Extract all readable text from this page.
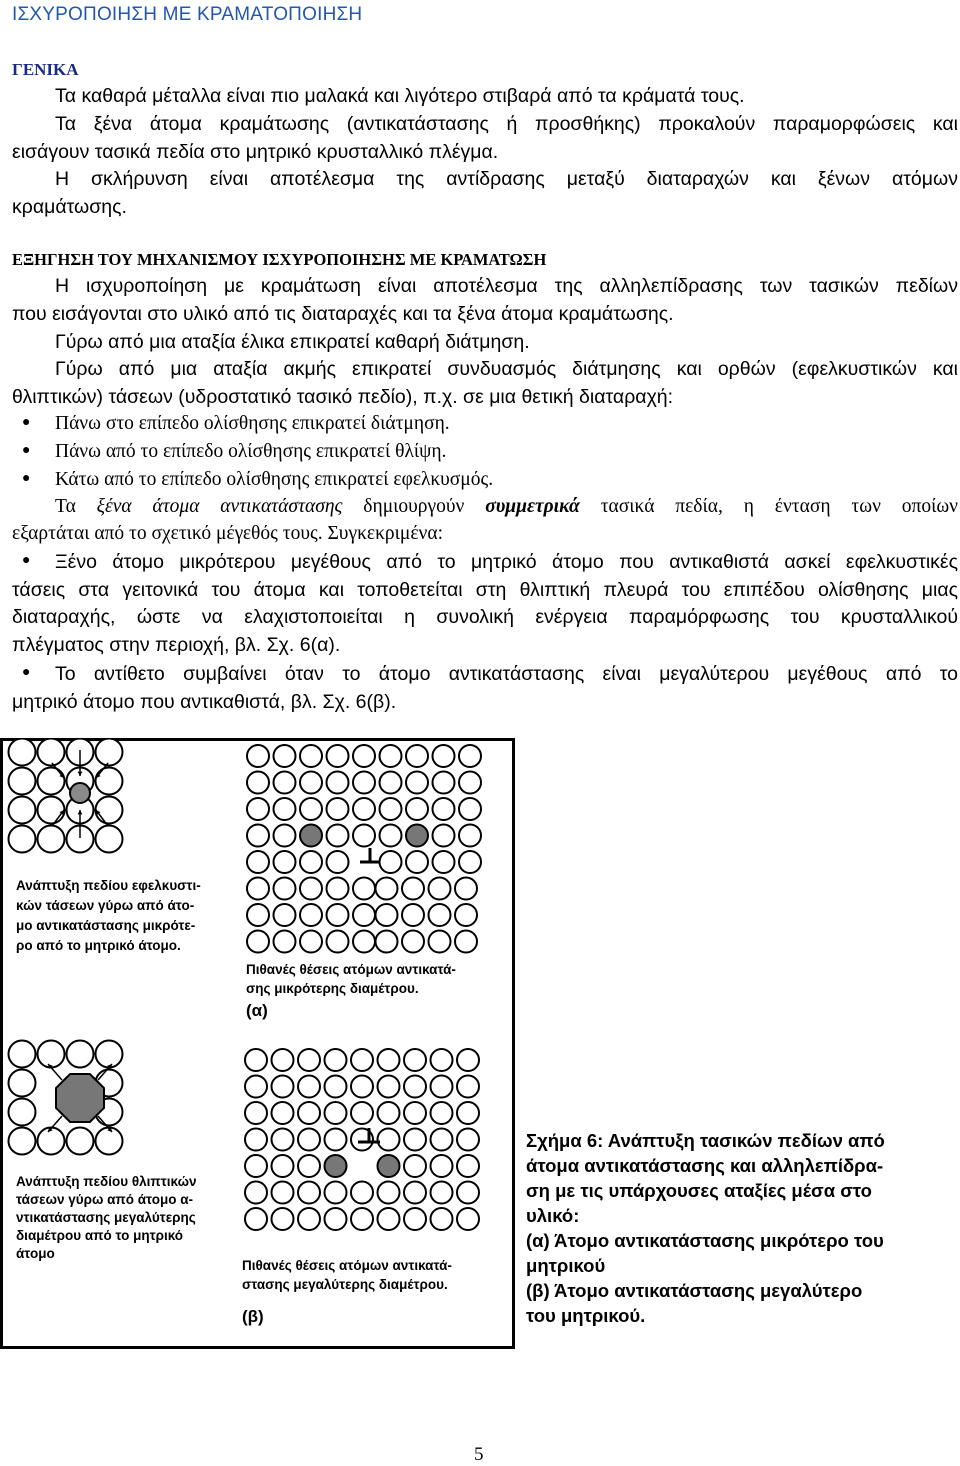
ΙΣΧΥΡΟΠΟΙΗΣΗ ΜΕ ΚΡΑΜΑΤΟΠΟΙΗΣΗ
ΓΕΝΙΚΑ
Τα καθαρά μέταλλα είναι πιο μαλακά και λιγότερο στιβαρά από τα κράματά τους.
Τα ξένα άτομα κραμάτωσης (αντικατάστασης ή προσθήκης) προκαλούν παραμορφώσεις και
εισάγουν τασικά πεδία στο μητρικό κρυσταλλικό πλέγμα.
Η σκλήρυνση είναι αποτέλεσμα της αντίδρασης μεταξύ διαταραχών και ξένων ατόμων
κραμάτωσης.
ΕΞΗΓΗΣΗ ΤΟΥ ΜΗΧΑΝΙΣΜΟΥ ΙΣΧΥΡΟΠΟΙΗΣΗΣ ΜΕ ΚΡΑΜΑΤΩΣΗ
Η ισχυροποίηση με κραμάτωση είναι αποτέλεσμα της αλληλεπίδρασης των τασικών πεδίων
που εισάγονται στο υλικό από τις διαταραχές και τα ξένα άτομα κραμάτωσης.
Γύρω από μια αταξία έλικα επικρατεί καθαρή διάτμηση.
Γύρω από μια αταξία ακμής επικρατεί συνδυασμός διάτμησης και ορθών (εφελκυστικών και
θλιπτικών) τάσεων (υδροστατικό τασικό πεδίο), π.χ. σε μια θετική διαταραχή:
● Πάνω στο επίπεδο ολίσθησης επικρατεί διάτμηση.
● Πάνω από το επίπεδο ολίσθησης επικρατεί θλίψη.
● Κάτω από το επίπεδο ολίσθησης επικρατεί εφελκυσμός.
Τα ξένα άτομα αντικατάστασης δημιουργούν συμμετρικά τασικά πεδία, η ένταση των οποίων
εξαρτάται από το σχετικό μέγεθός τους. Συγκεκριμένα:
● Ξένο άτομο μικρότερου μεγέθους από το μητρικό άτομο που αντικαθιστά ασκεί εφελκυστικές
τάσεις στα γειτονικά του άτομα και τοποθετείται στη θλιπτική πλευρά του επιπέδου ολίσθησης μιας
διαταραχής, ώστε να ελαχιστοποιείται η συνολική ενέργεια παραμόρφωσης του κρυσταλλικού
πλέγματος στην περιοχή, βλ. Σχ. 6(α).
● Το αντίθετο συμβαίνει όταν το άτομο αντικατάστασης είναι μεγαλύτερου μεγέθους από το
μητρικό άτομο που αντικαθιστά, βλ. Σχ. 6(β).
Ανάπτυξη πεδίου εφελκυστι-
κών τάσεων γύρω από άτο-
μο αντικατάστασης μικρότε-
ρο από το μητρικό άτομο.
Πιθανές θέσεις ατόμων αντικατά-
σης μικρότερης διαμέτρου.
(α)
Ανάπτυξη πεδίου θλιπτικών
τάσεων γύρω από άτομο α-
ντικατάστασης μεγαλύτερης
διαμέτρου από το μητρικό
άτομο
Πιθανές θέσεις ατόμων αντικατά-
στασης μεγαλύτερης διαμέτρου.
(β)
Σχήμα 6: Ανάπτυξη τασικών πεδίων από
άτομα αντικατάστασης και αλληλεπίδρα-
ση με τις υπάρχουσες αταξίες μέσα στο
υλικό:
(α) Άτομο αντικατάστασης μικρότερο του
μητρικού
(β) Άτομο αντικατάστασης μεγαλύτερο
του μητρικού.
5
